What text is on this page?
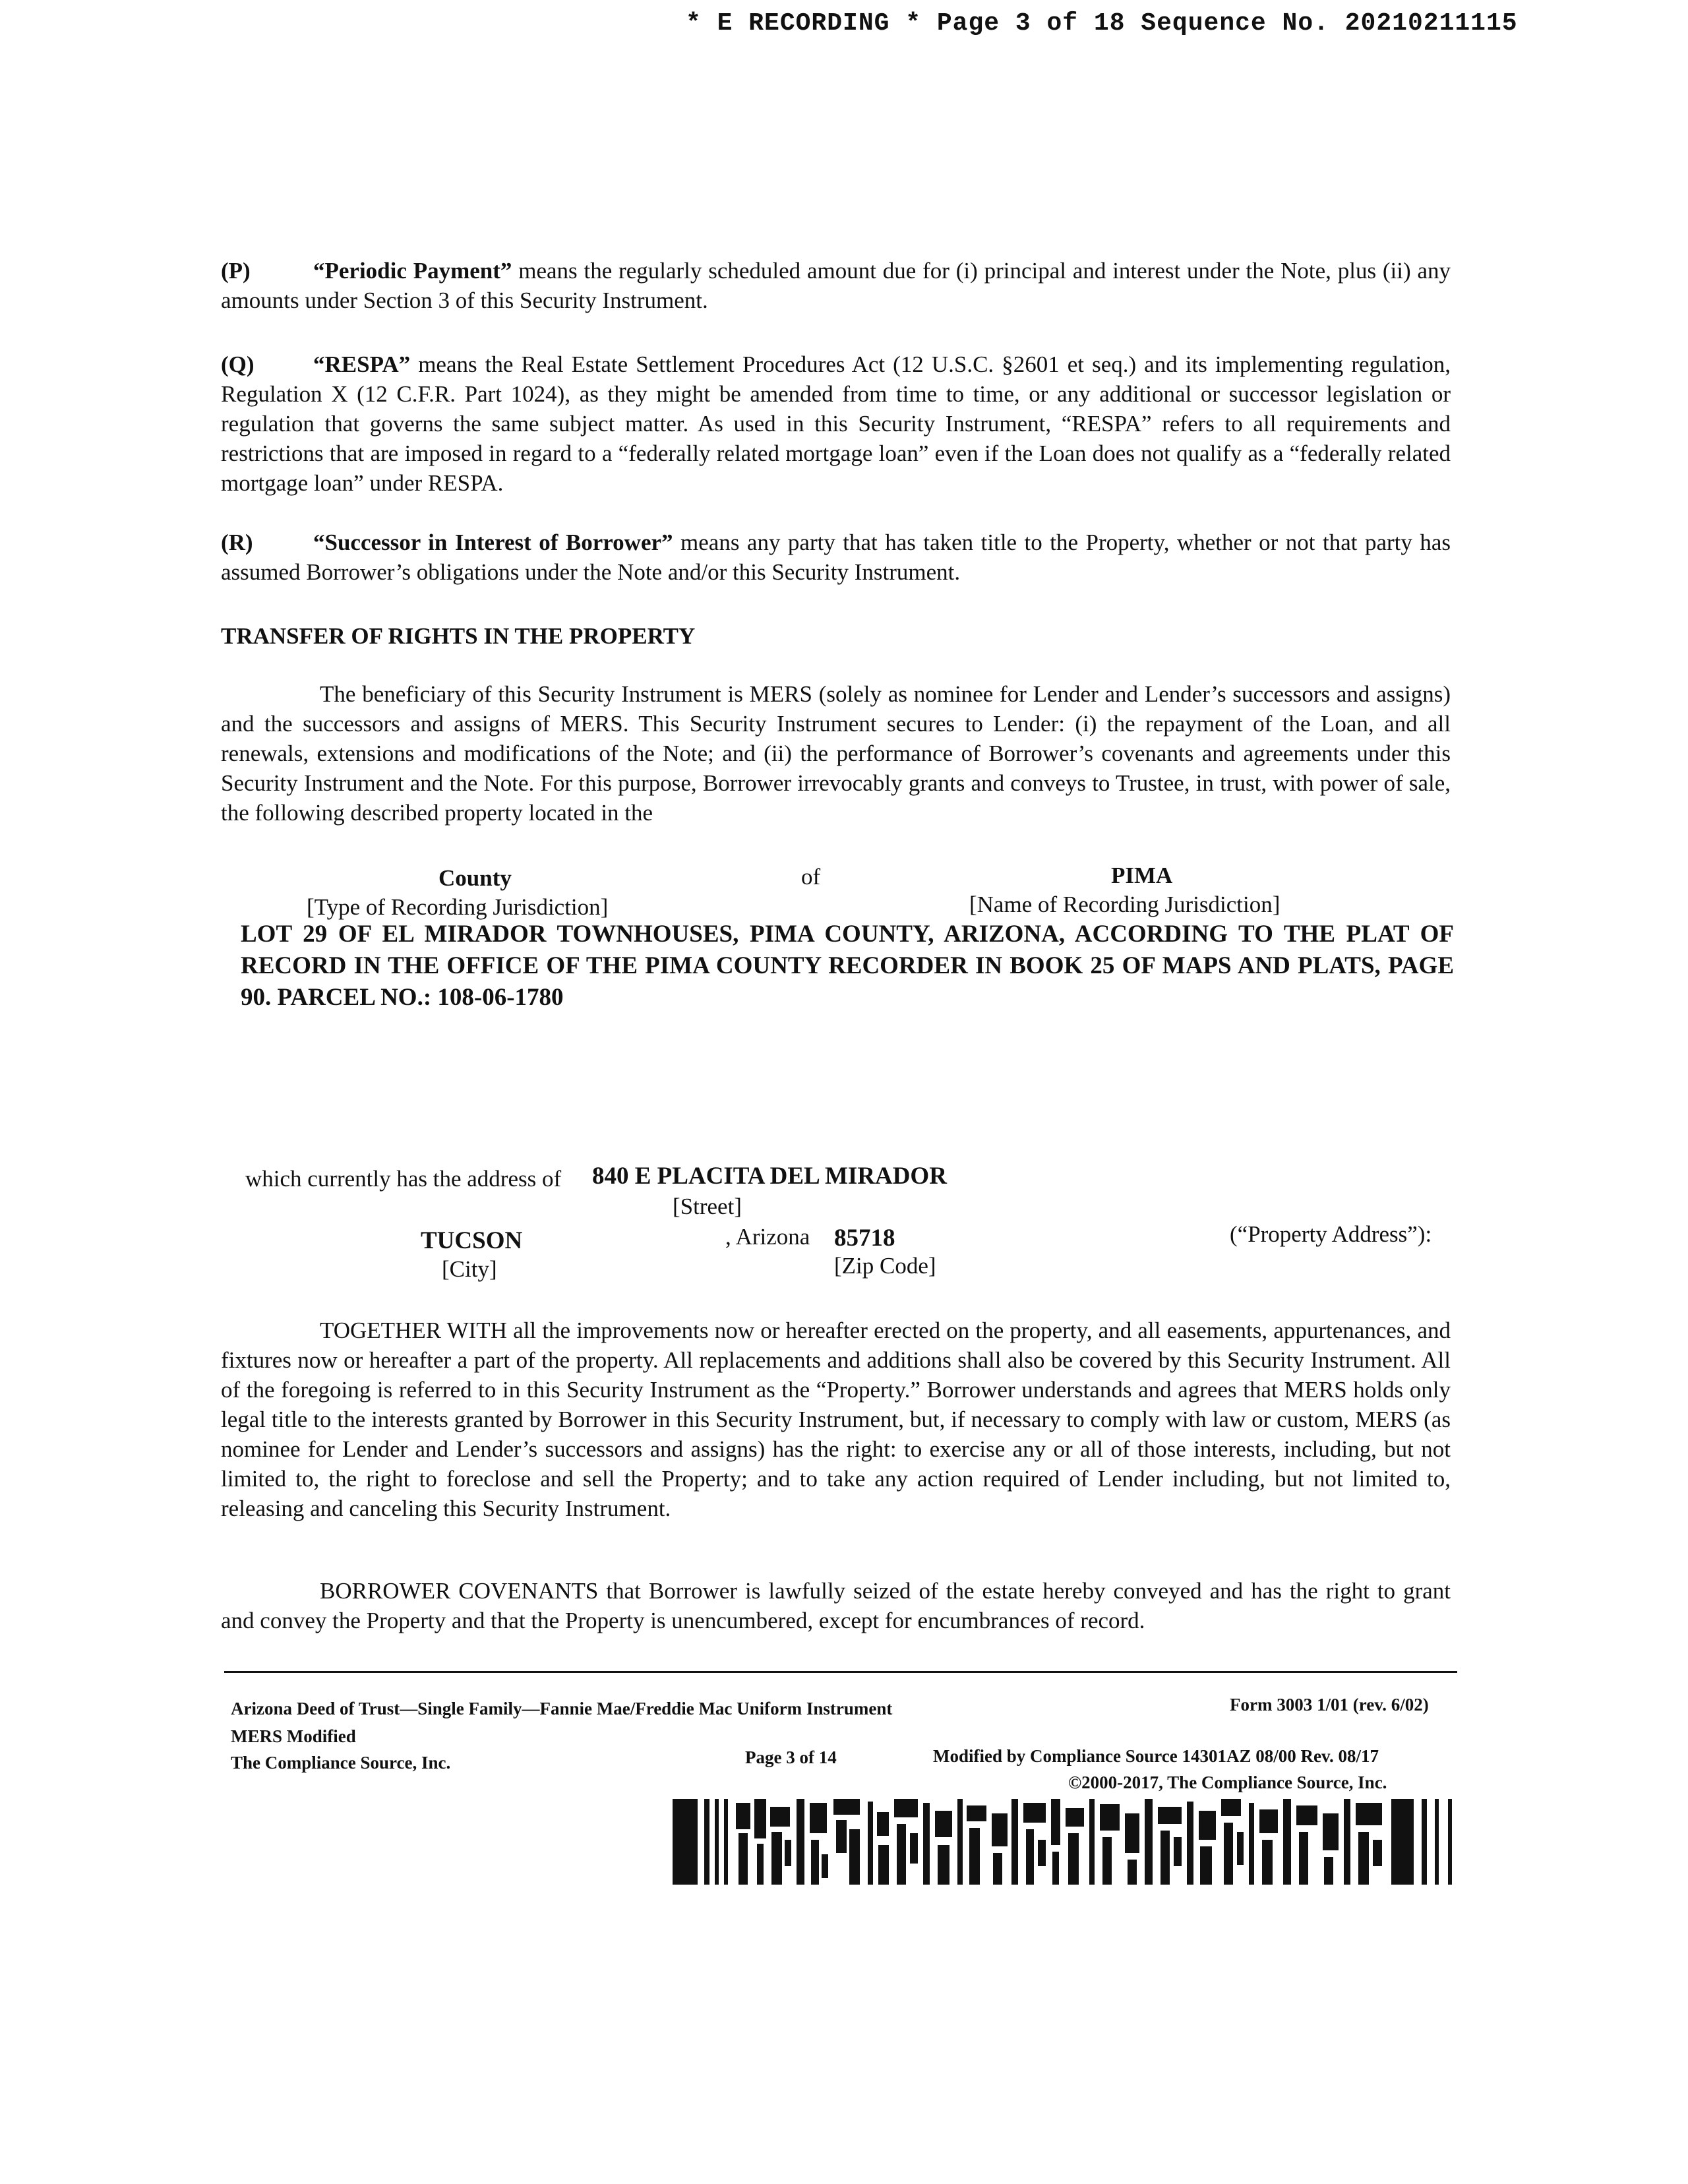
* E RECORDING * Page 3 of 18 Sequence No. 20210211115
(P)	“Periodic Payment” means the regularly scheduled amount due for (i) principal and interest under the Note, plus (ii) any amounts under Section 3 of this Security Instrument.
(Q)	“RESPA” means the Real Estate Settlement Procedures Act (12 U.S.C. §2601 et seq.) and its implementing regulation, Regulation X (12 C.F.R. Part 1024), as they might be amended from time to time, or any additional or successor legislation or regulation that governs the same subject matter. As used in this Security Instrument, “RESPA” refers to all requirements and restrictions that are imposed in regard to a “federally related mortgage loan” even if the Loan does not qualify as a “federally related mortgage loan” under RESPA.
(R)	“Successor in Interest of Borrower” means any party that has taken title to the Property, whether or not that party has assumed Borrower’s obligations under the Note and/or this Security Instrument.
TRANSFER OF RIGHTS IN THE PROPERTY
The beneficiary of this Security Instrument is MERS (solely as nominee for Lender and Lender’s successors and assigns) and the successors and assigns of MERS. This Security Instrument secures to Lender: (i) the repayment of the Loan, and all renewals, extensions and modifications of the Note; and (ii) the performance of Borrower’s covenants and agreements under this Security Instrument and the Note. For this purpose, Borrower irrevocably grants and conveys to Trustee, in trust, with power of sale, the following described property located in the
County	of	PIMA
[Type of Recording Jurisdiction]	[Name of Recording Jurisdiction]
LOT 29 OF EL MIRADOR TOWNHOUSES, PIMA COUNTY, ARIZONA, ACCORDING TO THE PLAT OF RECORD IN THE OFFICE OF THE PIMA COUNTY RECORDER IN BOOK 25 OF MAPS AND PLATS, PAGE 90. PARCEL NO.: 108-06-1780
which currently has the address of 840 E PLACITA DEL MIRADOR
[Street]
TUCSON	, Arizona 85718	(“Property Address”):
[City]	[Zip Code]
TOGETHER WITH all the improvements now or hereafter erected on the property, and all easements, appurtenances, and fixtures now or hereafter a part of the property. All replacements and additions shall also be covered by this Security Instrument. All of the foregoing is referred to in this Security Instrument as the “Property.” Borrower understands and agrees that MERS holds only legal title to the interests granted by Borrower in this Security Instrument, but, if necessary to comply with law or custom, MERS (as nominee for Lender and Lender’s successors and assigns) has the right: to exercise any or all of those interests, including, but not limited to, the right to foreclose and sell the Property; and to take any action required of Lender including, but not limited to, releasing and canceling this Security Instrument.
BORROWER COVENANTS that Borrower is lawfully seized of the estate hereby conveyed and has the right to grant and convey the Property and that the Property is unencumbered, except for encumbrances of record.
Arizona Deed of Trust—Single Family—Fannie Mae/Freddie Mac Uniform Instrument	Form 3003 1/01 (rev. 6/02)
MERS Modified
The Compliance Source, Inc.	Page 3 of 14	Modified by Compliance Source 14301AZ 08/00 Rev. 08/17
©2000-2017, The Compliance Source, Inc.
